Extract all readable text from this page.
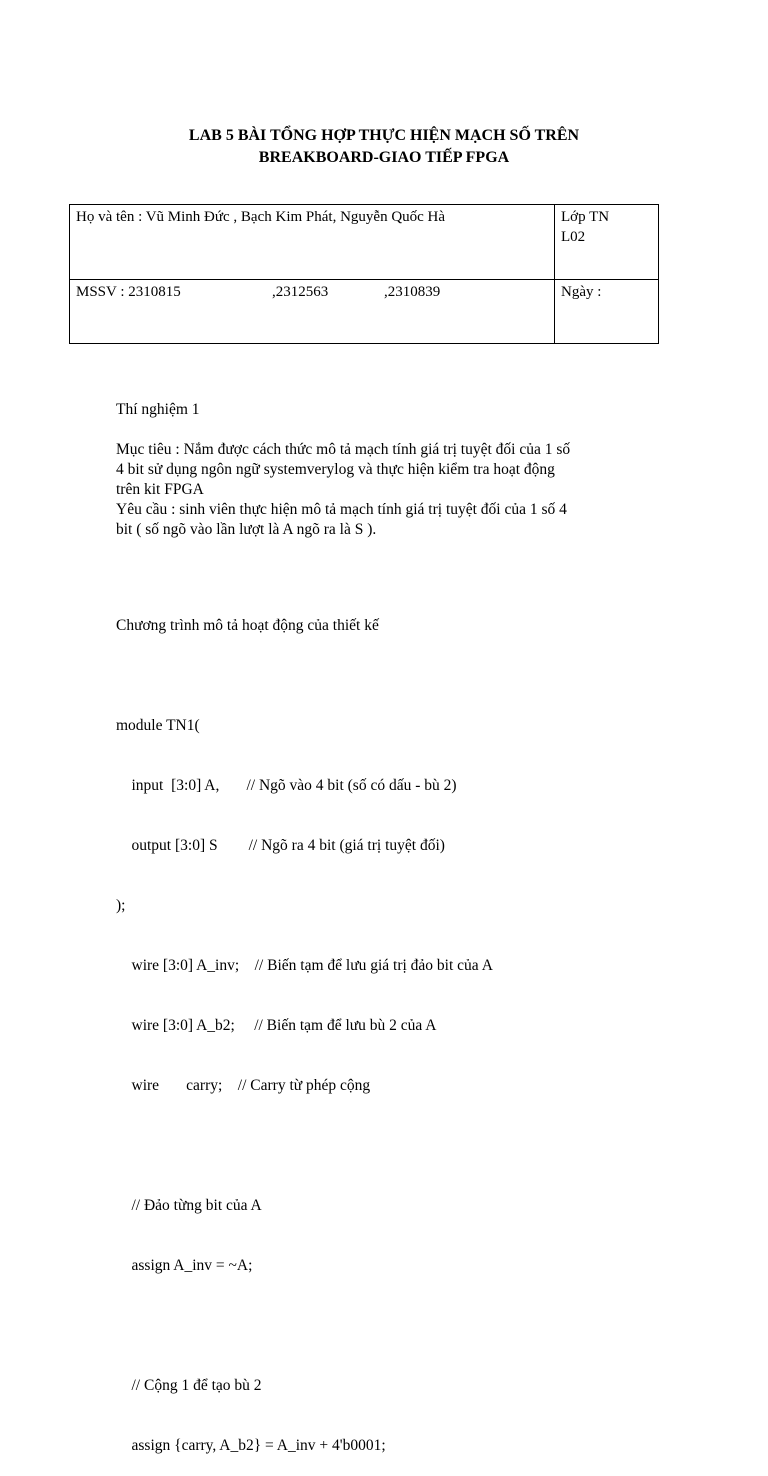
LAB 5 BÀI TỔNG HỢP THỰC HIỆN MẠCH SỐ TRÊN
BREAKBOARD-GIAO TIẾP FPGA
Họ và tên : Vũ Minh Đức , Bạch Kim Phát, Nguyễn Quốc Hà	Lớp TN
L02

MSSV : 2310815 ,2312563 ,2310839	Ngày :

Thí nghiệm 1

Mục tiêu : Nắm được cách thức mô tả mạch tính giá trị tuyệt đối của 1 số

4 bit sử dụng ngôn ngữ systemverylog và thực hiện kiểm tra hoạt động

trên kit FPGA

Yêu cầu : sinh viên thực hiện mô tả mạch tính giá trị tuyệt đối của 1 số 4

bit ( số ngõ vào lần lượt là A ngõ ra là S ).

Chương trình mô tả hoạt động của thiết kế

module TN1(

input  [3:0] A,       // Ngõ vào 4 bit (số có dấu - bù 2)

output [3:0] S        // Ngõ ra 4 bit (giá trị tuyệt đối)

);

wire [3:0] A_inv;    // Biến tạm để lưu giá trị đảo bit của A

wire [3:0] A_b2;     // Biến tạm để lưu bù 2 của A

wire       carry;    // Carry từ phép cộng

// Đảo từng bit của A

assign A_inv = ~A;

// Cộng 1 để tạo bù 2

assign {carry, A_b2} = A_inv + 4'b0001;
